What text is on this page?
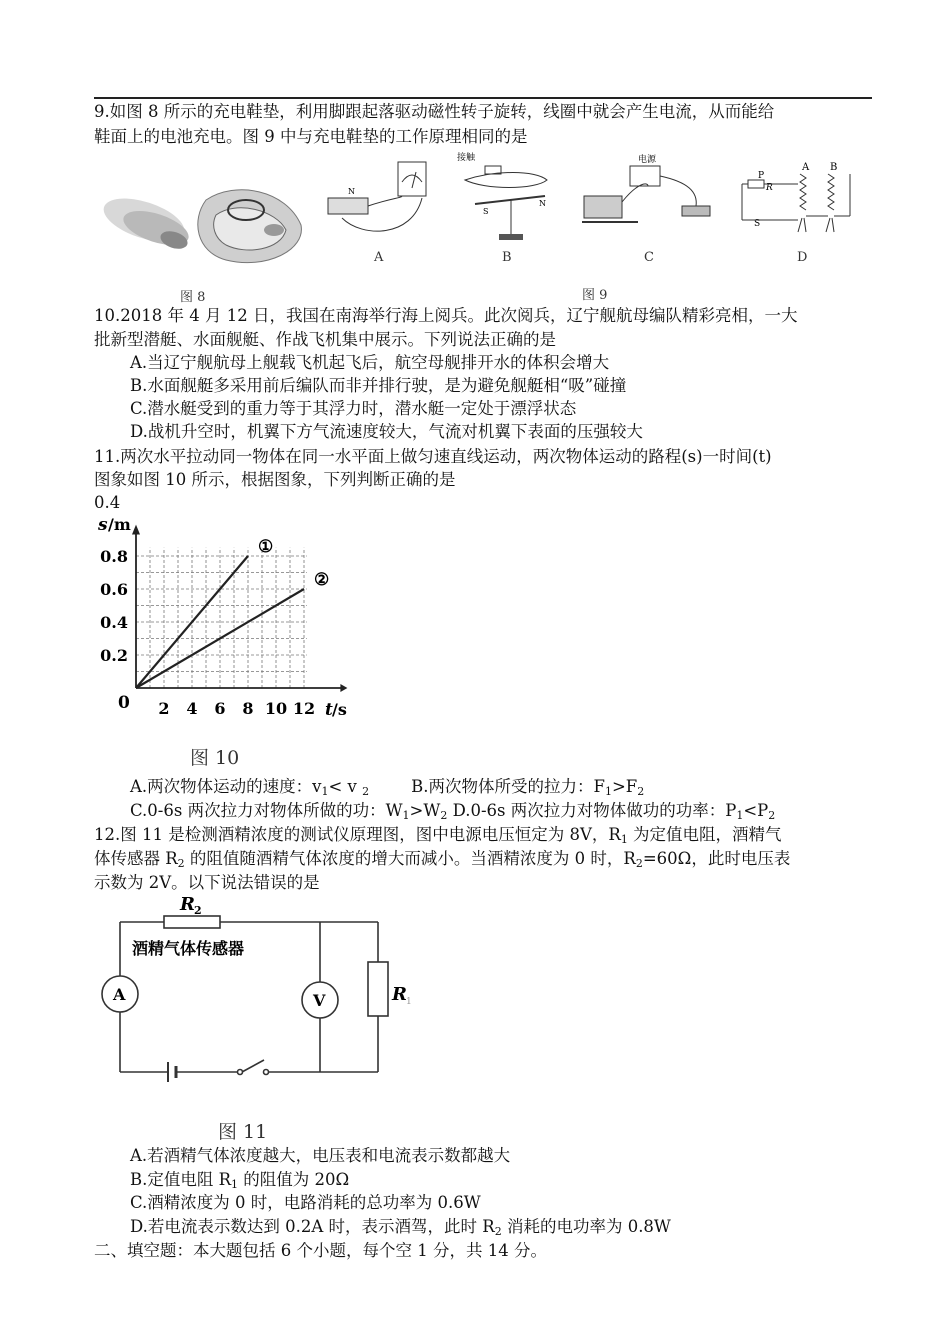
9.如图 8 所示的充电鞋垫，利用脚跟起落驱动磁性转子旋转，线圈中就会产生电流，从而能给
鞋面上的电池充电。图 9 中与充电鞋垫的工作原理相同的是
图 8
N
接触
S
N
电源
P
R
A B
S
A	B	C	D
图 9
10.2018 年 4 月 12 日，我国在南海举行海上阅兵。此次阅兵，辽宁舰航母编队精彩亮相，一大
批新型潜艇、水面舰艇、作战飞机集中展示。下列说法正确的是
A.当辽宁舰航母上舰载飞机起飞后，航空母舰排开水的体积会增大
B.水面舰艇多采用前后编队而非并排行驶，是为避免舰艇相“吸”碰撞
C.潜水艇受到的重力等于其浮力时，潜水艇一定处于漂浮状态
D.战机升空时，机翼下方气流速度较大，气流对机翼下表面的压强较大
11.两次水平拉动同一物体在同一水平面上做匀速直线运动，两次物体运动的路程(s)一时间(t)
图象如图 10 所示，根据图象，下列判断正确的是
0.4
2 4 6 8 10 12
0.2
0.4
0.6
0.8	①
②
s /m
t /s
0
图 10
A.两次物体运动的速度：$v_1< v$ $_2$	B.两次物体所受的拉力：$F_1>F_2$
C.0-6s 两次拉力对物体所做的功：$W_1>W_2$ D.0-6s 两次拉力对物体做功的功率：$P_1<P_2$
12.图 11 是检测酒精浓度的测试仪原理图，图中电源电压恒定为 8V，$R_1$ 为定值电阻，酒精气
体传感器 $R_2$ 的阻值随酒精气体浓度的增大而减小。当酒精浓度为 0 时，$R_2=60\Omega$，此时电压表
示数为 2V。以下说法错误的是
R 2
酒精气体传感器
A	V	R 1
图 11
A.若酒精气体浓度越大，电压表和电流表示数都越大
B.定值电阻 $R_1$ 的阻值为 20Ω
C.酒精浓度为 0 时，电路消耗的总功率为 0.6W
D.若电流表示数达到 0.2A 时，表示酒驾，此时 $R_2$ 消耗的电功率为 0.8W
二、填空题：本大题包括 6 个小题，每个空 1 分，共 14 分。
